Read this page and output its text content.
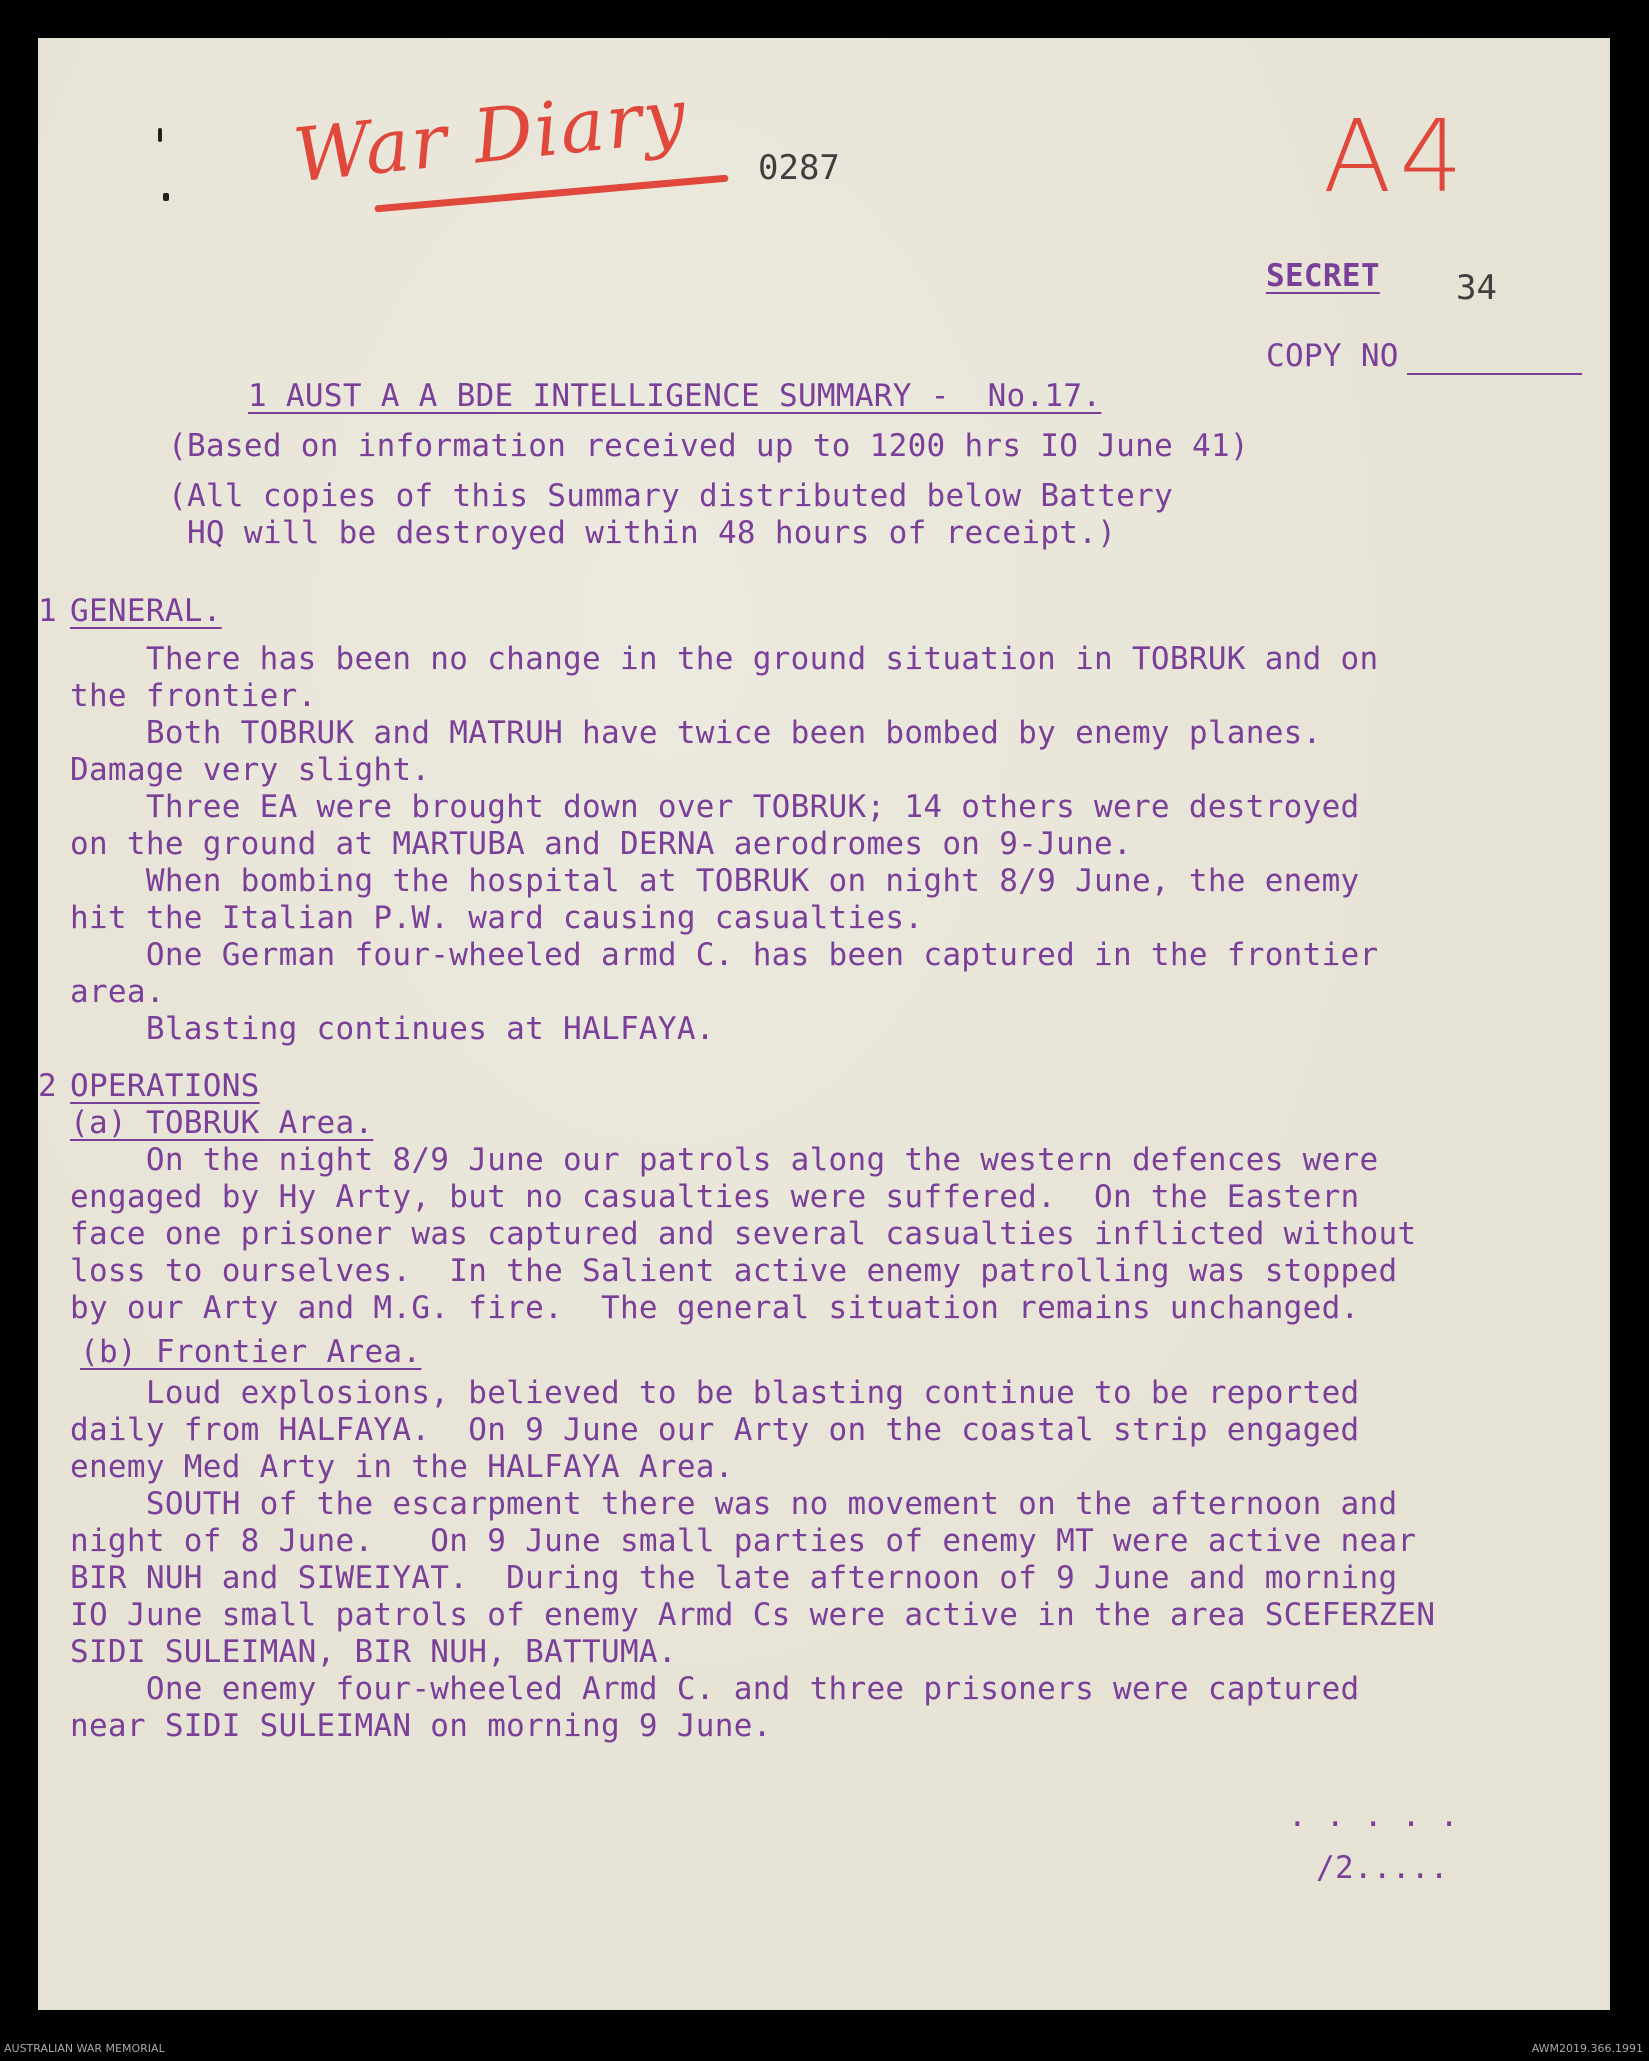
War Diary	A4
0287
34
SECRET
COPY NO
1 AUST A A BDE INTELLIGENCE SUMMARY -  No.17.
(Based on information received up to 1200 hrs IO June 41)
(All copies of this Summary distributed below Battery
HQ will be destroyed within 48 hours of receipt.)
1 GENERAL.
There has been no change in the ground situation in TOBRUK and on
the frontier.
Both TOBRUK and MATRUH have twice been bombed by enemy planes.
Damage very slight.
Three EA were brought down over TOBRUK; 14 others were destroyed
on the ground at MARTUBA and DERNA aerodromes on 9-June.
When bombing the hospital at TOBRUK on night 8/9 June, the enemy
hit the Italian P.W. ward causing casualties.
One German four-wheeled armd C. has been captured in the frontier
area.
Blasting continues at HALFAYA.
2 OPERATIONS
(a) TOBRUK Area.
On the night 8/9 June our patrols along the western defences were
engaged by Hy Arty, but no casualties were suffered.  On the Eastern
face one prisoner was captured and several casualties inflicted without
loss to ourselves.  In the Salient active enemy patrolling was stopped
by our Arty and M.G. fire.  The general situation remains unchanged.
(b) Frontier Area.
Loud explosions, believed to be blasting continue to be reported
daily from HALFAYA.  On 9 June our Arty on the coastal strip engaged
enemy Med Arty in the HALFAYA Area.
SOUTH of the escarpment there was no movement on the afternoon and
night of 8 June.   On 9 June small parties of enemy MT were active near
BIR NUH and SIWEIYAT.  During the late afternoon of 9 June and morning
IO June small patrols of enemy Armd Cs were active in the area SCEFERZEN
SIDI SULEIMAN, BIR NUH, BATTUMA.
One enemy four-wheeled Armd C. and three prisoners were captured
near SIDI SULEIMAN on morning 9 June.
. . . . .
/2.....
AUSTRALIAN WAR MEMORIAL	AWM2019.366.1991
